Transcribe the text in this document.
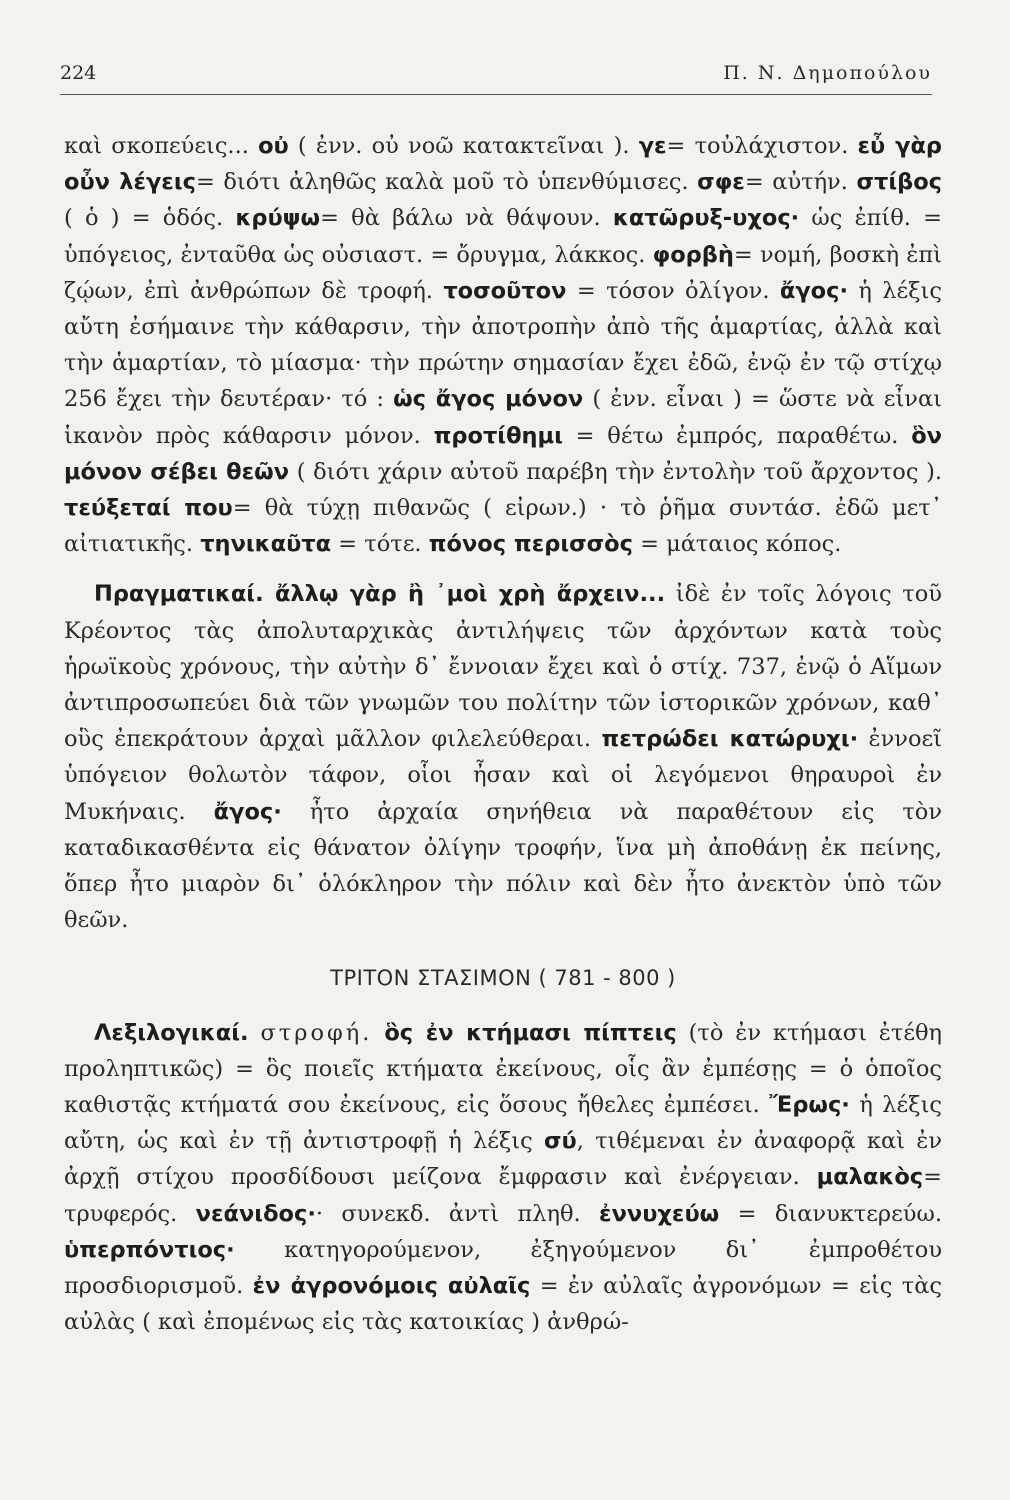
224	Π. Ν. Δημοπούλου

καὶ σκοπεύεις... οὐ ( ἐνν. οὐ νοῶ κατακτεῖναι ). γε= τοὐλάχιστον. εὖ γὰρ οὖν λέγεις= διότι ἀληθῶς καλὰ μοῦ τὸ ὑπενθύμισες. σφε= αὐτήν. στίβος ( ὁ ) = ὁδός. κρύψω= θὰ βάλω νὰ θάψουν. κατῶρυξ-υχος· ὡς ἐπίθ. = ὑπόγειος, ἐνταῦθα ὡς οὐσιαστ. = ὄρυγμα, λάκκος. φορβὴ= νομή, βοσκὴ ἐπὶ ζῴων, ἐπὶ ἀνθρώπων δὲ τροφή. τοσοῦτον = τόσον ὀλίγον. ἄγος· ἡ λέξις αὔτη ἐσήμαινε τὴν κάθαρσιν, τὴν ἀποτροπὴν ἀπὸ τῆς ἁμαρτίας, ἀλλὰ καὶ τὴν ἁμαρτίαν, τὸ μίασμα· τὴν πρώτην σημασίαν ἔχει ἐδῶ, ἐνῷ ἐν τῷ στίχῳ 256 ἔχει τὴν δευτέραν· τό : ὡς ἄγος μόνον ( ἐνν. εἶναι ) = ὥστε νὰ εἶναι ἱκανὸν πρὸς κάθαρσιν μόνον. προτίθημι = θέτω ἐμπρός, παραθέτω. ὃν μόνον σέβει θεῶν ( διότι χάριν αὐτοῦ παρέβη τὴν ἐντολὴν τοῦ ἄρχοντος ). τεύξεταί που= θὰ τύχῃ πιθανῶς ( εἰρων.) · τὸ ῥῆμα συντάσ. ἐδῶ μετ᾽ αἰτιατικῆς. τηνικαῦτα = τότε. πόνος περισσὸς = μάταιος κόπος.

Πραγματικαί. ἄλλῳ γὰρ ἢ ᾽μοὶ χρὴ ἄρχειν... ἰδὲ ἐν τοῖς λόγοις τοῦ Κρέοντος τὰς ἀπολυταρχικὰς ἀντιλήψεις τῶν ἀρχόντων κατὰ τοὺς ἡρωϊκοὺς χρόνους, τὴν αὐτὴν δ᾽ ἔννοιαν ἔχει καὶ ὁ στίχ. 737, ἐνῷ ὁ Αἵμων ἀντιπροσωπεύει διὰ τῶν γνωμῶν του πολίτην τῶν ἱστορικῶν χρόνων, καθ᾽ οὓς ἐπεκράτουν ἀρχαὶ μᾶλλον φιλελεύθεραι. πετρώδει κατώρυχι· ἐννοεῖ ὑπόγειον θολωτὸν τάφον, οἷοι ἦσαν καὶ οἱ λεγόμενοι θηραυροὶ ἐν Μυκήναις. ἄγος· ἦτο ἀρχαία σηνήθεια νὰ παραθέτουν εἰς τὸν καταδικασθέντα εἰς θάνατον ὀλίγην τροφήν, ἵνα μὴ ἀποθάνῃ ἐκ πείνης, ὅπερ ἦτο μιαρὸν δι᾽ ὁλόκληρον τὴν πόλιν καὶ δὲν ἦτο ἀνεκτὸν ὑπὸ τῶν θεῶν.

ΤΡΙΤΟΝ ΣΤΑΣΙΜΟΝ ( 781 - 800 )

Λεξιλογικαί. στροφή. ὃς ἐν κτήμασι πίπτεις (τὸ ἐν κτήμασι ἐτέθη προληπτικῶς) = ὃς ποιεῖς κτήματα ἐκείνους, οἷς ἂν ἐμπέσῃς = ὁ ὁποῖος καθιστᾷς κτήματά σου ἐκείνους, εἰς ὅσους ἤθελες ἐμπέσει. Ἔρως· ἡ λέξις αὔτη, ὡς καὶ ἐν τῇ ἀντιστροφῇ ἡ λέξις σύ, τιθέμεναι ἐν ἀναφορᾷ καὶ ἐν ἀρχῇ στίχου προσδίδουσι μείζονα ἔμφρασιν καὶ ἐνέργειαν. μαλακὸς= τρυφερός. νεάνιδος·· συνεκδ. ἀντὶ πληθ. ἐννυχεύω = διανυκτερεύω. ὑπερπόντιος· κατηγορούμενον, ἐξηγούμενον δι᾽ ἐμπροθέτου προσδιορισμοῦ. ἐν ἀγρονόμοις αὐλαῖς = ἐν αὐλαῖς ἀγρονόμων = εἰς τὰς αὐλὰς ( καὶ ἐπομένως εἰς τὰς κατοικίας ) ἀνθρώ-
